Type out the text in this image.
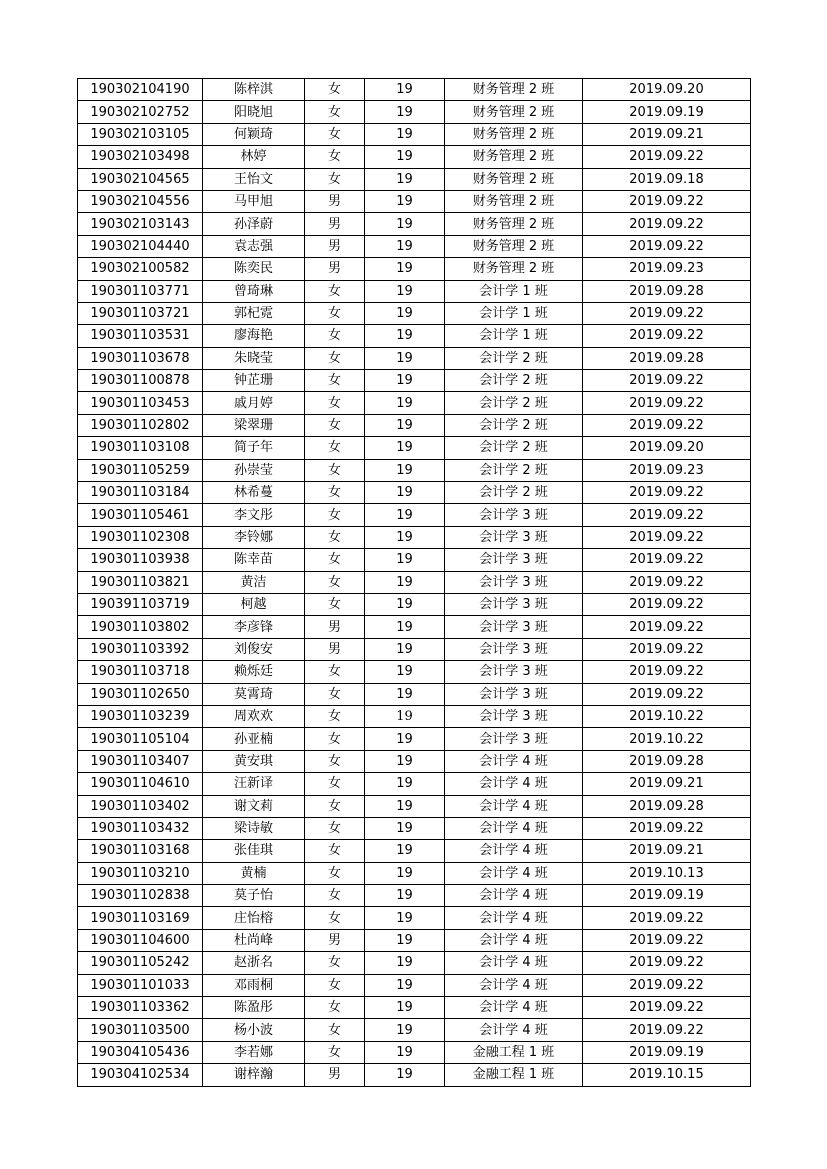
190302104190	陈梓淇	女	19	财务管理 2 班	2019.09.20
190302102752	阳晓旭	女	19	财务管理 2 班	2019.09.19
190302103105	何颖琦	女	19	财务管理 2 班	2019.09.21
190302103498	林婷	女	19	财务管理 2 班	2019.09.22
190302104565	王怡文	女	19	财务管理 2 班	2019.09.18
190302104556	马甲旭	男	19	财务管理 2 班	2019.09.22
190302103143	孙泽蔚	男	19	财务管理 2 班	2019.09.22
190302104440	袁志强	男	19	财务管理 2 班	2019.09.22
190302100582	陈奕民	男	19	财务管理 2 班	2019.09.23
190301103771	曾琦琳	女	19	会计学 1 班	2019.09.28
190301103721	郭杞霓	女	19	会计学 1 班	2019.09.22
190301103531	廖海艳	女	19	会计学 1 班	2019.09.22
190301103678	朱晓莹	女	19	会计学 2 班	2019.09.28
190301100878	钟芷珊	女	19	会计学 2 班	2019.09.22
190301103453	戚月婷	女	19	会计学 2 班	2019.09.22
190301102802	梁翠珊	女	19	会计学 2 班	2019.09.22
190301103108	简子年	女	19	会计学 2 班	2019.09.20
190301105259	孙崇莹	女	19	会计学 2 班	2019.09.23
190301103184	林希蔓	女	19	会计学 2 班	2019.09.22
190301105461	李文彤	女	19	会计学 3 班	2019.09.22
190301102308	李铃娜	女	19	会计学 3 班	2019.09.22
190301103938	陈幸苗	女	19	会计学 3 班	2019.09.22
190301103821	黄洁	女	19	会计学 3 班	2019.09.22
190391103719	柯越	女	19	会计学 3 班	2019.09.22
190301103802	李彦锋	男	19	会计学 3 班	2019.09.22
190301103392	刘俊安	男	19	会计学 3 班	2019.09.22
190301103718	赖烁廷	女	19	会计学 3 班	2019.09.22
190301102650	莫霄琦	女	19	会计学 3 班	2019.09.22
190301103239	周欢欢	女	19	会计学 3 班	2019.10.22
190301105104	孙亚楠	女	19	会计学 3 班	2019.10.22
190301103407	黄安琪	女	19	会计学 4 班	2019.09.28
190301104610	汪新译	女	19	会计学 4 班	2019.09.21
190301103402	谢文莉	女	19	会计学 4 班	2019.09.28
190301103432	梁诗敏	女	19	会计学 4 班	2019.09.22
190301103168	张佳琪	女	19	会计学 4 班	2019.09.21
190301103210	黄楠	女	19	会计学 4 班	2019.10.13
190301102838	莫子怡	女	19	会计学 4 班	2019.09.19
190301103169	庄怡榕	女	19	会计学 4 班	2019.09.22
190301104600	杜尚峰	男	19	会计学 4 班	2019.09.22
190301105242	赵浙名	女	19	会计学 4 班	2019.09.22
190301101033	邓雨桐	女	19	会计学 4 班	2019.09.22
190301103362	陈盈彤	女	19	会计学 4 班	2019.09.22
190301103500	杨小波	女	19	会计学 4 班	2019.09.22
190304105436	李若娜	女	19	金融工程 1 班	2019.09.19
190304102534	谢梓瀚	男	19	金融工程 1 班	2019.10.15
